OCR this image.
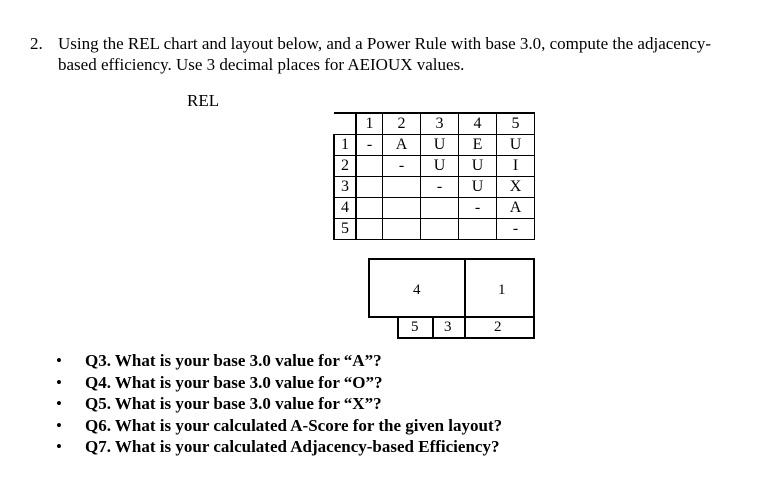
2. Using the REL chart and layout below, and a Power Rule with base 3.0, compute the adjacency-based efficiency. Use 3 decimal places for AEIOUX values.
REL
	1	2	3	4	5
1	-	A	U	E	U
2		-	U	U	I
3			-	U	X
4				-	A
5					-
4	1
5 3	2
• Q3. What is your base 3.0 value for “A”?
• Q4. What is your base 3.0 value for “O”?
• Q5. What is your base 3.0 value for “X”?
• Q6. What is your calculated A-Score for the given layout?
• Q7. What is your calculated Adjacency-based Efficiency?
